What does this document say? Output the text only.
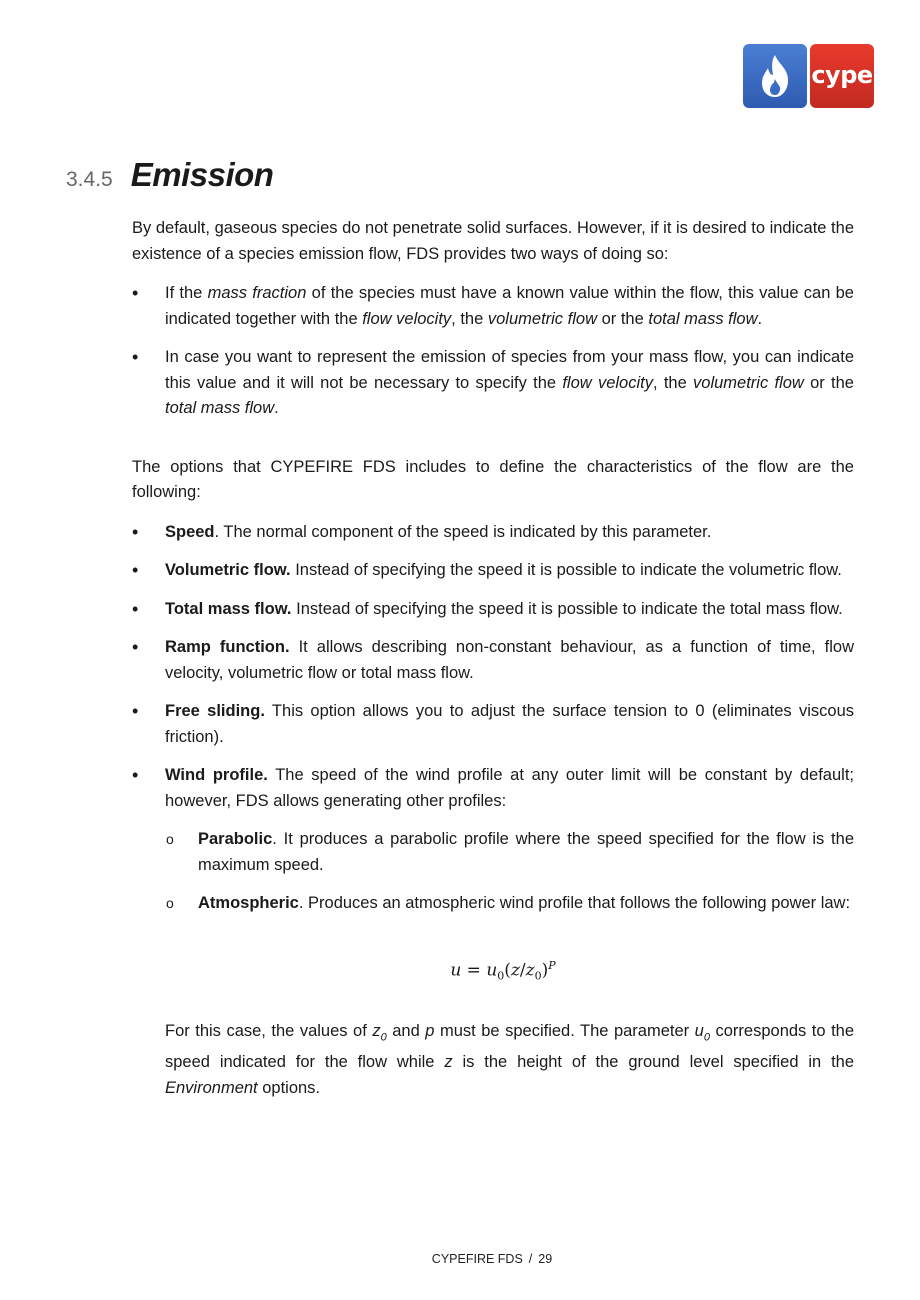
cype
3.4.5 Emission

By default, gaseous species do not penetrate solid surfaces. However, if it is desired to indicate the existence of a species emission flow, FDS provides two ways of doing so:

• If the mass fraction of the species must have a known value within the flow, this value can be indicated together with the flow velocity, the volumetric flow or the total mass flow.
• In case you want to represent the emission of species from your mass flow, you can indicate this value and it will not be necessary to specify the flow velocity, the volumetric flow or the total mass flow.

The options that CYPEFIRE FDS includes to define the characteristics of the flow are the following:

• Speed. The normal component of the speed is indicated by this parameter.
• Volumetric flow. Instead of specifying the speed it is possible to indicate the volumetric flow.
• Total mass flow. Instead of specifying the speed it is possible to indicate the total mass flow.
• Ramp function. It allows describing non-constant behaviour, as a function of time, flow velocity, volumetric flow or total mass flow.
• Free sliding. This option allows you to adjust the surface tension to 0 (eliminates viscous friction).
• Wind profile. The speed of the wind profile at any outer limit will be constant by default; however, FDS allows generating other profiles:
o Parabolic. It produces a parabolic profile where the speed specified for the flow is the maximum speed.
o Atmospheric. Produces an atmospheric wind profile that follows the following power law:
$u = u_0(z/z_0)^P$

For this case, the values of $z_0$ and p must be specified. The parameter $u_0$ corresponds to the speed indicated for the flow while z is the height of the ground level specified in the Environment options.

CYPEFIRE FDS / 29
